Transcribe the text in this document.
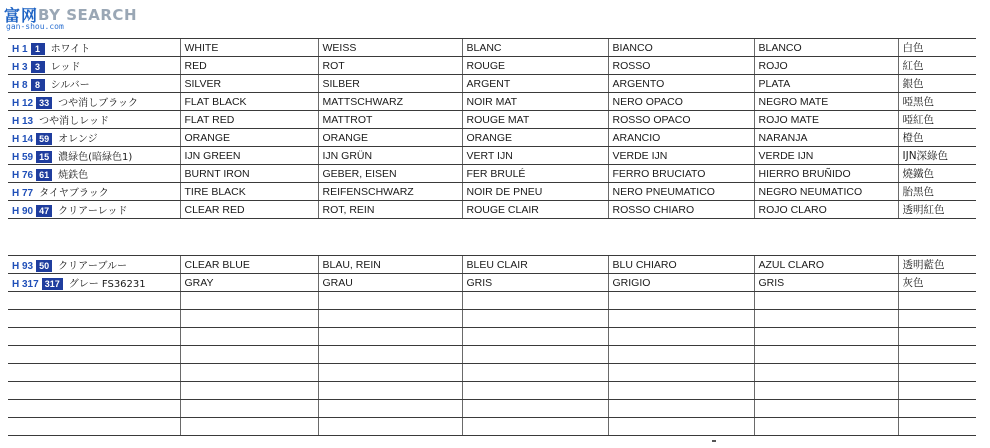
富 网 BY SEARCH
gan-shou.com
H 1 1 ホワイト	WHITE	WEISS	BLANC	BIANCO	BLANCO	白色

H 3 3 レッド	RED	ROT	ROUGE	ROSSO	ROJO	紅色

H 8 8 シルバー	SILVER	SILBER	ARGENT	ARGENTO	PLATA	銀色

H 12 33 つや消しブラック	FLAT BLACK	MATTSCHWARZ	NOIR MAT	NERO OPACO	NEGRO MATE	啞黑色

H 13 つや消しレッド	FLAT RED	MATTROT	ROUGE MAT	ROSSO OPACO	ROJO MATE	啞紅色

H 14 59 オレンジ	ORANGE	ORANGE	ORANGE	ARANCIO	NARANJA	橙色

H 59 15 濃緑色(暗緑色1)	IJN GREEN	IJN GRÜN	VERT IJN	VERDE IJN	VERDE IJN	IJN深綠色

H 76 61 焼鉄色	BURNT IRON	GEBER, EISEN	FER BRULÉ	FERRO BRUCIATO	HIERRO BRUÑIDO	燒鐵色

H 77 タイヤブラック	TIRE BLACK	REIFENSCHWARZ	NOIR DE PNEU	NERO PNEUMATICO	NEGRO NEUMATICO	胎黑色

H 90 47 クリアーレッド	CLEAR RED	ROT, REIN	ROUGE CLAIR	ROSSO CHIARO	ROJO CLARO	透明紅色
H 93 50 クリアーブルー	CLEAR BLUE	BLAU, REIN	BLEU CLAIR	BLU CHIARO	AZUL CLARO	透明藍色

H 317 317 グレー FS36231	GRAY	GRAU	GRIS	GRIGIO	GRIS	灰色
